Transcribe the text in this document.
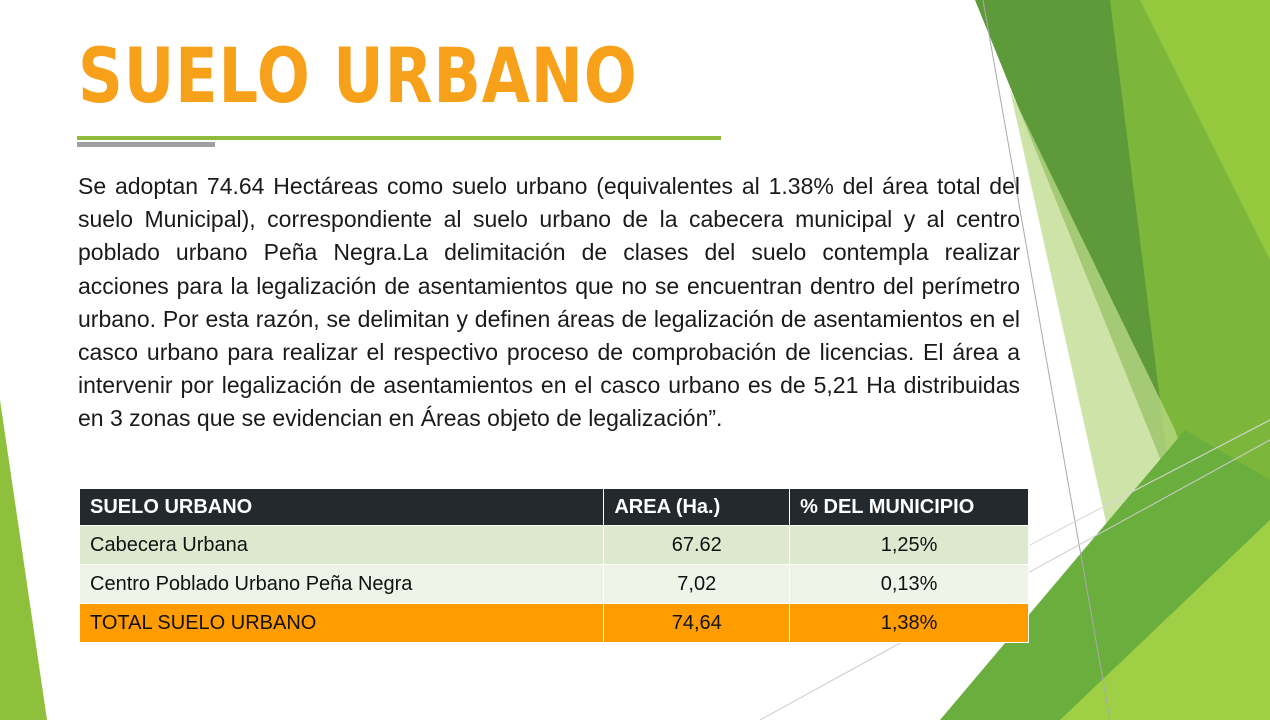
SUELO URBANO

Se adoptan 74.64 Hectáreas como suelo urbano (equivalentes al 1.38% del área total del suelo Municipal), correspondiente al suelo urbano de la cabecera municipal y al centro poblado urbano Peña Negra.La delimitación de clases del suelo contempla realizar acciones para la legalización de asentamientos que no se encuentran dentro del perímetro urbano. Por esta razón, se delimitan y definen áreas de legalización de asentamientos en el casco urbano para realizar el respectivo proceso de comprobación de licencias. El área a intervenir por legalización de asentamientos en el casco urbano es de 5,21 Ha distribuidas en 3 zonas que se evidencian en Áreas objeto de legalización”.

SUELO URBANO	AREA (Ha.)	% DEL MUNICIPIO
Cabecera Urbana	67.62	1,25%
Centro Poblado Urbano Peña Negra	7,02	0,13%
TOTAL SUELO URBANO	74,64	1,38%
